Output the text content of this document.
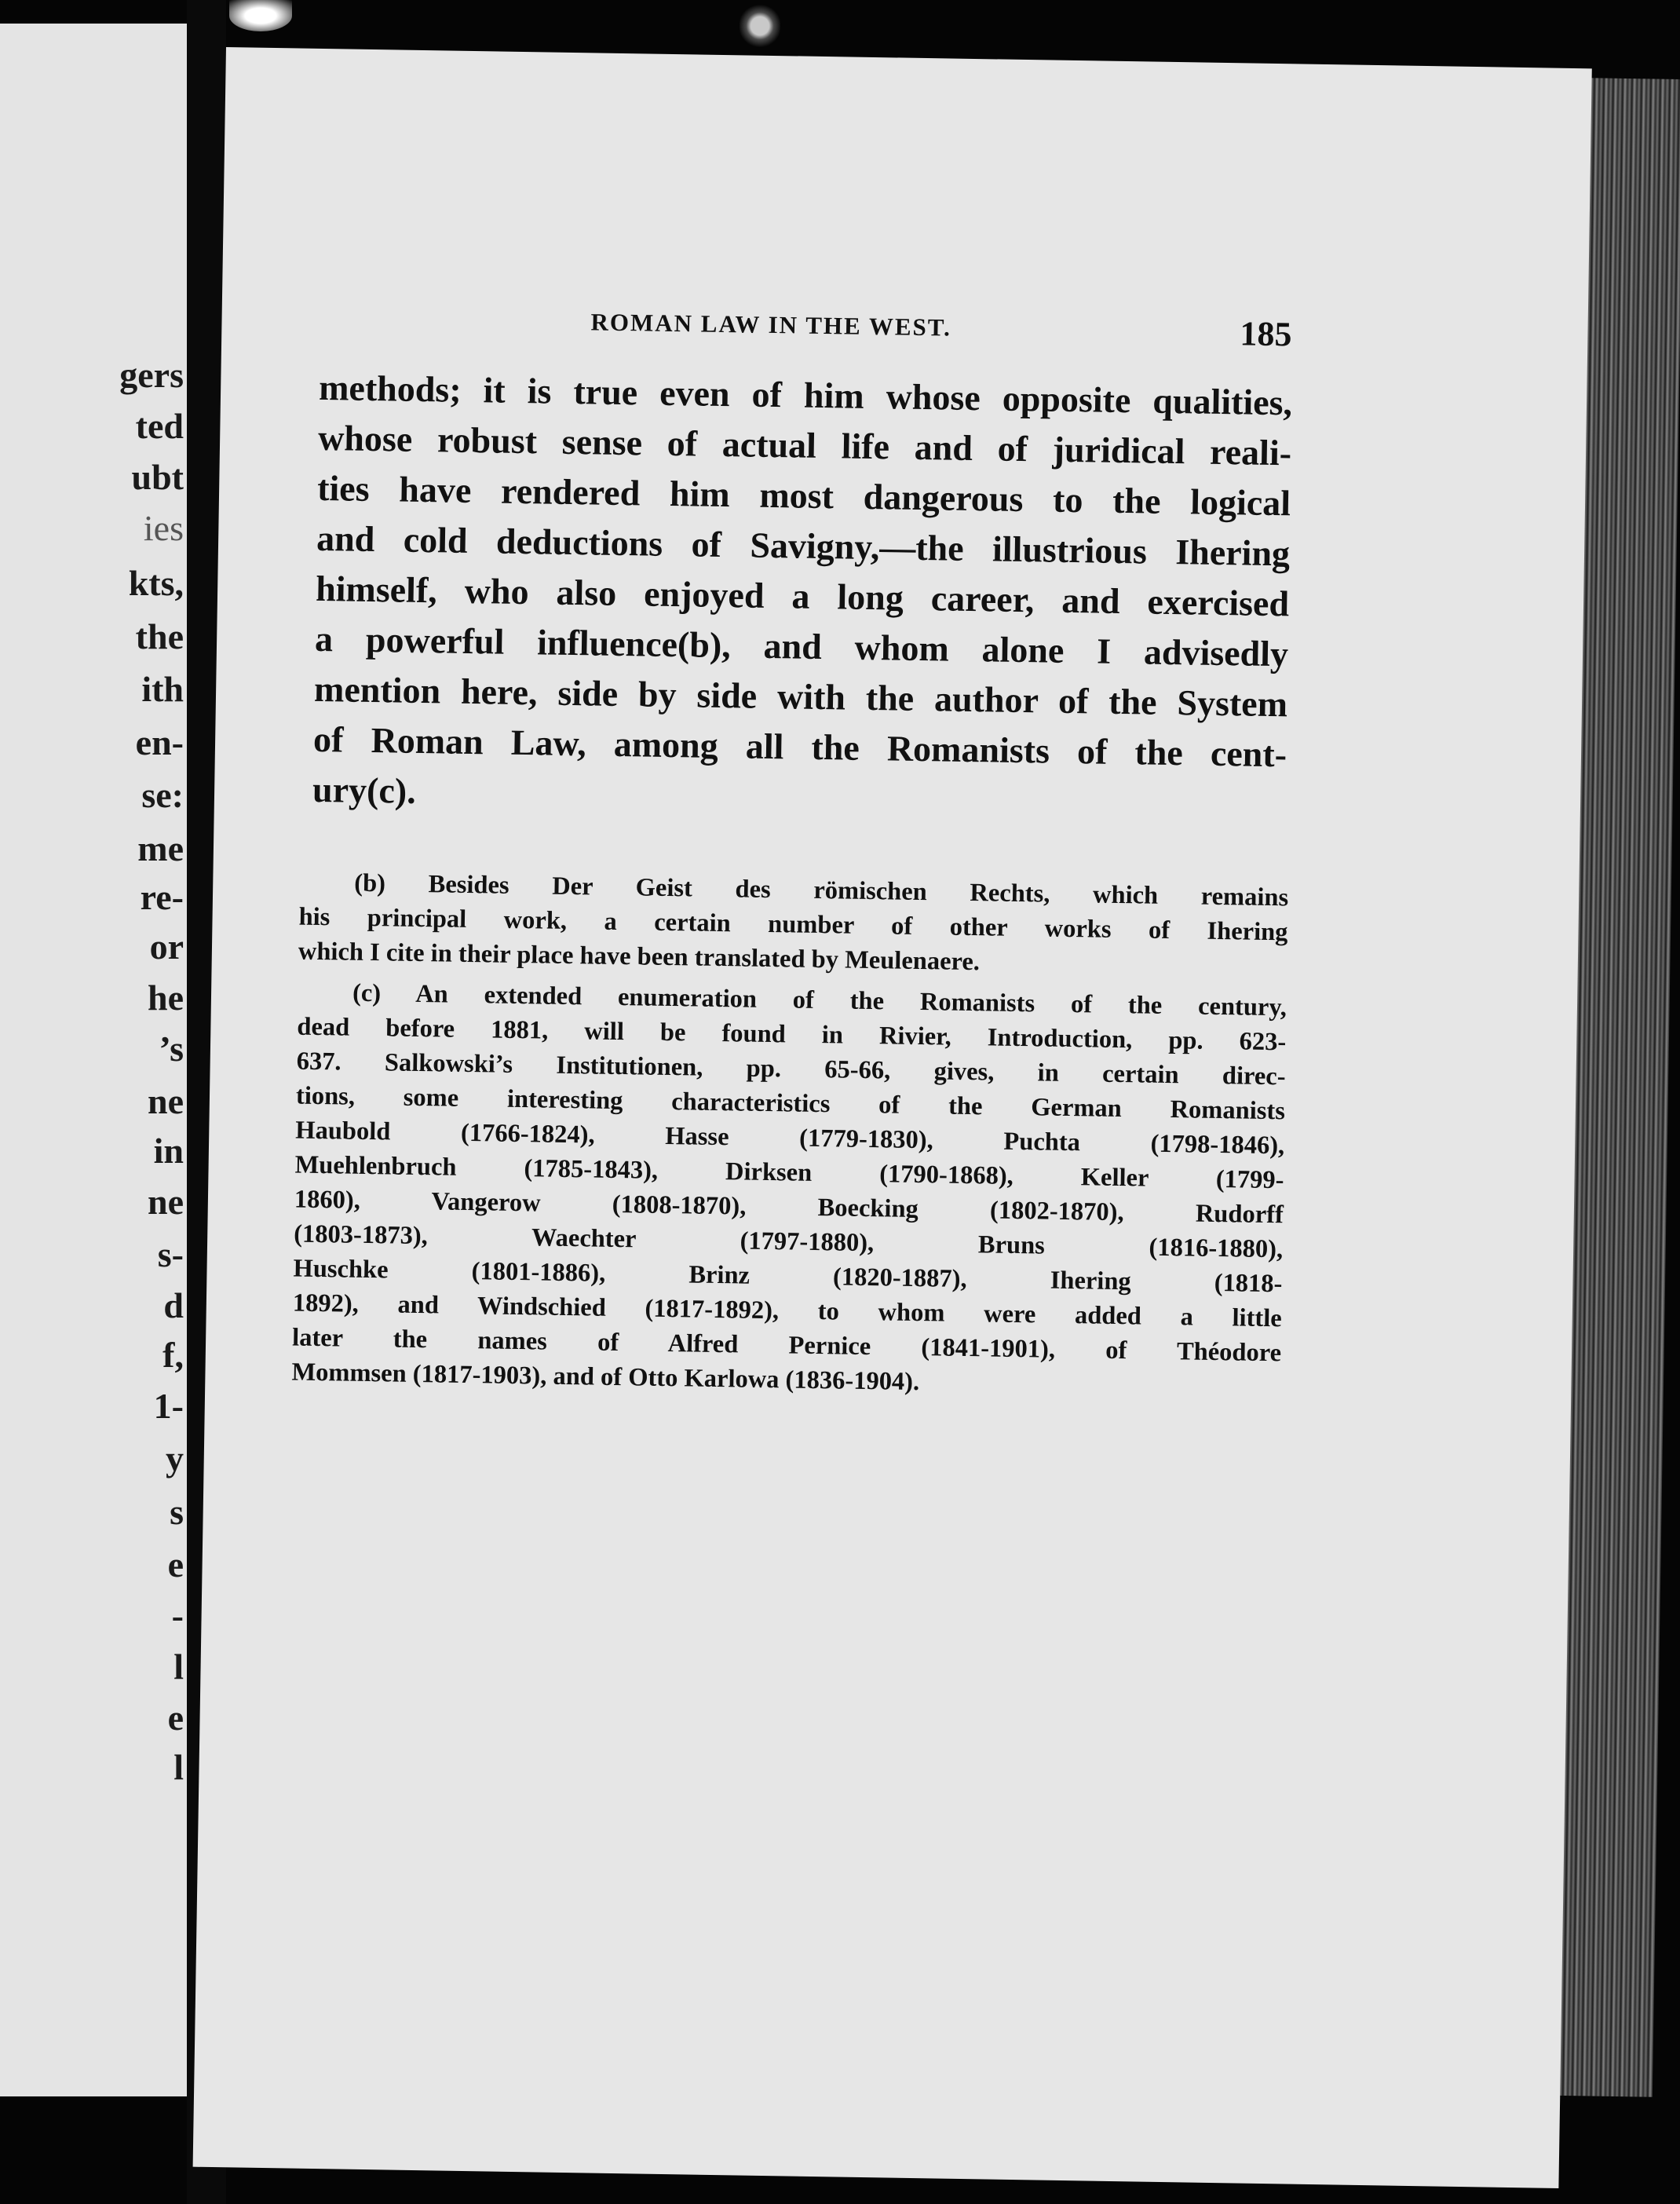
gers
ted
ubt
ies
kts,
the
ith
en-
se:
me
re-
or
he
’s
ne
in
ne
s-
d
f,
1-
y
s
e
-
l
e
l
ROMAN LAW IN THE WEST.	185
methods; it is true even of him whose opposite qualities,
whose robust sense of actual life and of juridical reali-
ties have rendered him most dangerous to the logical
and cold deductions of Savigny,—the illustrious Ihering
himself, who also enjoyed a long career, and exercised
a powerful influence(b), and whom alone I advisedly
mention here, side by side with the author of the System
of Roman Law, among all the Romanists of the cent-
ury(c).
(b) Besides Der Geist des römischen Rechts, which remains
his principal work, a certain number of other works of Ihering
which I cite in their place have been translated by Meulenaere.
(c) An extended enumeration of the Romanists of the century,
dead before 1881, will be found in Rivier, Introduction, pp. 623-
637. Salkowski’s Institutionen, pp. 65-66, gives, in certain direc-
tions, some interesting characteristics of the German Romanists
Haubold (1766-1824), Hasse (1779-1830), Puchta (1798-1846),
Muehlenbruch (1785-1843), Dirksen (1790-1868), Keller (1799-
1860), Vangerow (1808-1870), Boecking (1802-1870), Rudorff
(1803-1873), Waechter (1797-1880), Bruns (1816-1880),
Huschke (1801-1886), Brinz (1820-1887), Ihering (1818-
1892), and Windschied (1817-1892), to whom were added a little
later the names of Alfred Pernice (1841-1901), of Théodore
Mommsen (1817-1903), and of Otto Karlowa (1836-1904).
